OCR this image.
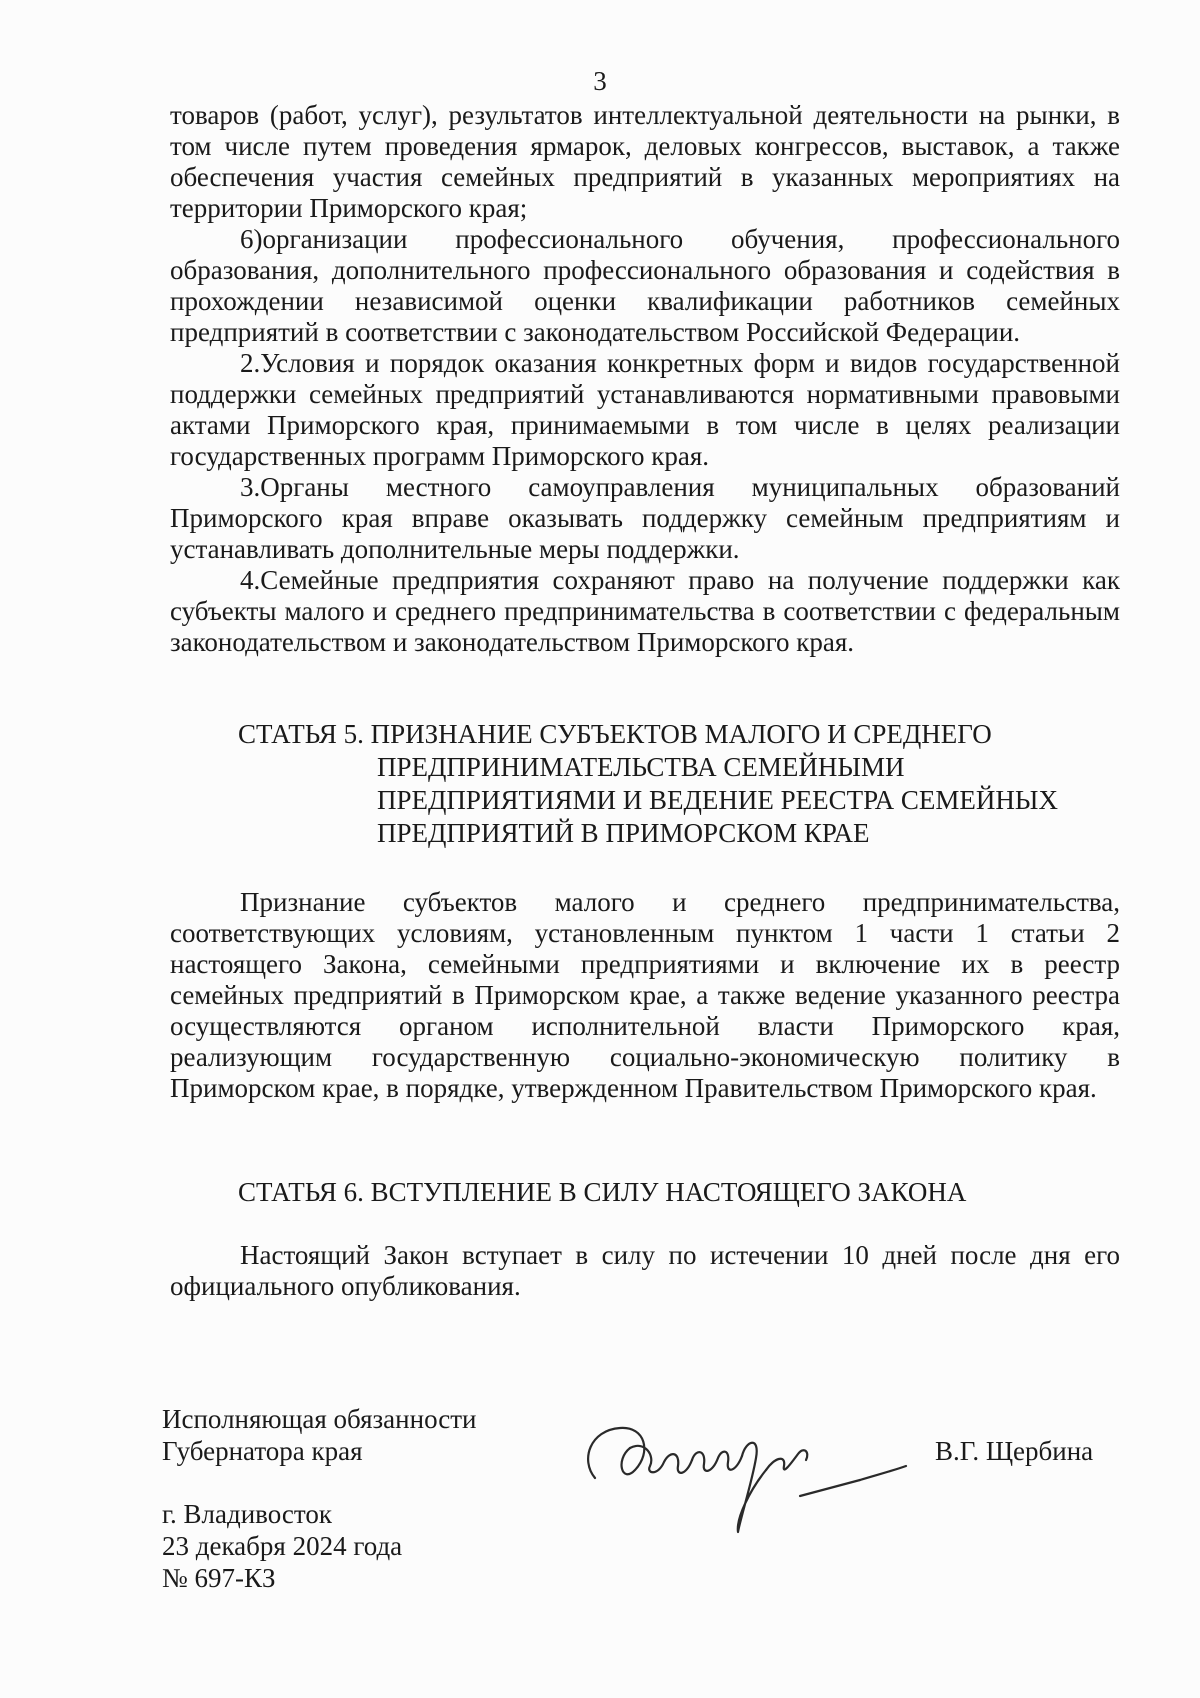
3

товаров (работ, услуг), результатов интеллектуальной деятельности на рынки, в том числе путем проведения ярмарок, деловых конгрессов, выставок, а также обеспечения участия семейных предприятий в указанных мероприятиях на территории Приморского края;

6)организации профессионального обучения, профессионального образования, дополнительного профессионального образования и содействия в прохождении независимой оценки квалификации работников семейных предприятий в соответствии с законодательством Российской Федерации.

2.Условия и порядок оказания конкретных форм и видов государственной поддержки семейных предприятий устанавливаются нормативными правовыми актами Приморского края, принимаемыми в том числе в целях реализации государственных программ Приморского края.

3.Органы местного самоуправления муниципальных образований Приморского края вправе оказывать поддержку семейным предприятиям и устанавливать дополнительные меры поддержки.

4.Семейные предприятия сохраняют право на получение поддержки как субъекты малого и среднего предпринимательства в соответствии с федеральным законодательством и законодательством Приморского края.

СТАТЬЯ 5. ПРИЗНАНИЕ СУБЪЕКТОВ МАЛОГО И СРЕДНЕГО
ПРЕДПРИНИМАТЕЛЬСТВА СЕМЕЙНЫМИ
ПРЕДПРИЯТИЯМИ И ВЕДЕНИЕ РЕЕСТРА СЕМЕЙНЫХ
ПРЕДПРИЯТИЙ В ПРИМОРСКОМ КРАЕ

Признание субъектов малого и среднего предпринимательства, соответствующих условиям, установленным пунктом 1 части 1 статьи 2 настоящего Закона, семейными предприятиями и включение их в реестр семейных предприятий в Приморском крае, а также ведение указанного реестра осуществляются органом исполнительной власти Приморского края, реализующим государственную социально-экономическую политику в Приморском крае, в порядке, утвержденном Правительством Приморского края.

СТАТЬЯ 6. ВСТУПЛЕНИЕ В СИЛУ НАСТОЯЩЕГО ЗАКОНА

Настоящий Закон вступает в силу по истечении 10 дней после дня его официального опубликования.

Исполняющая обязанности
Губернатора края	В.Г. Щербина
г. Владивосток
23 декабря 2024 года
№ 697-КЗ
